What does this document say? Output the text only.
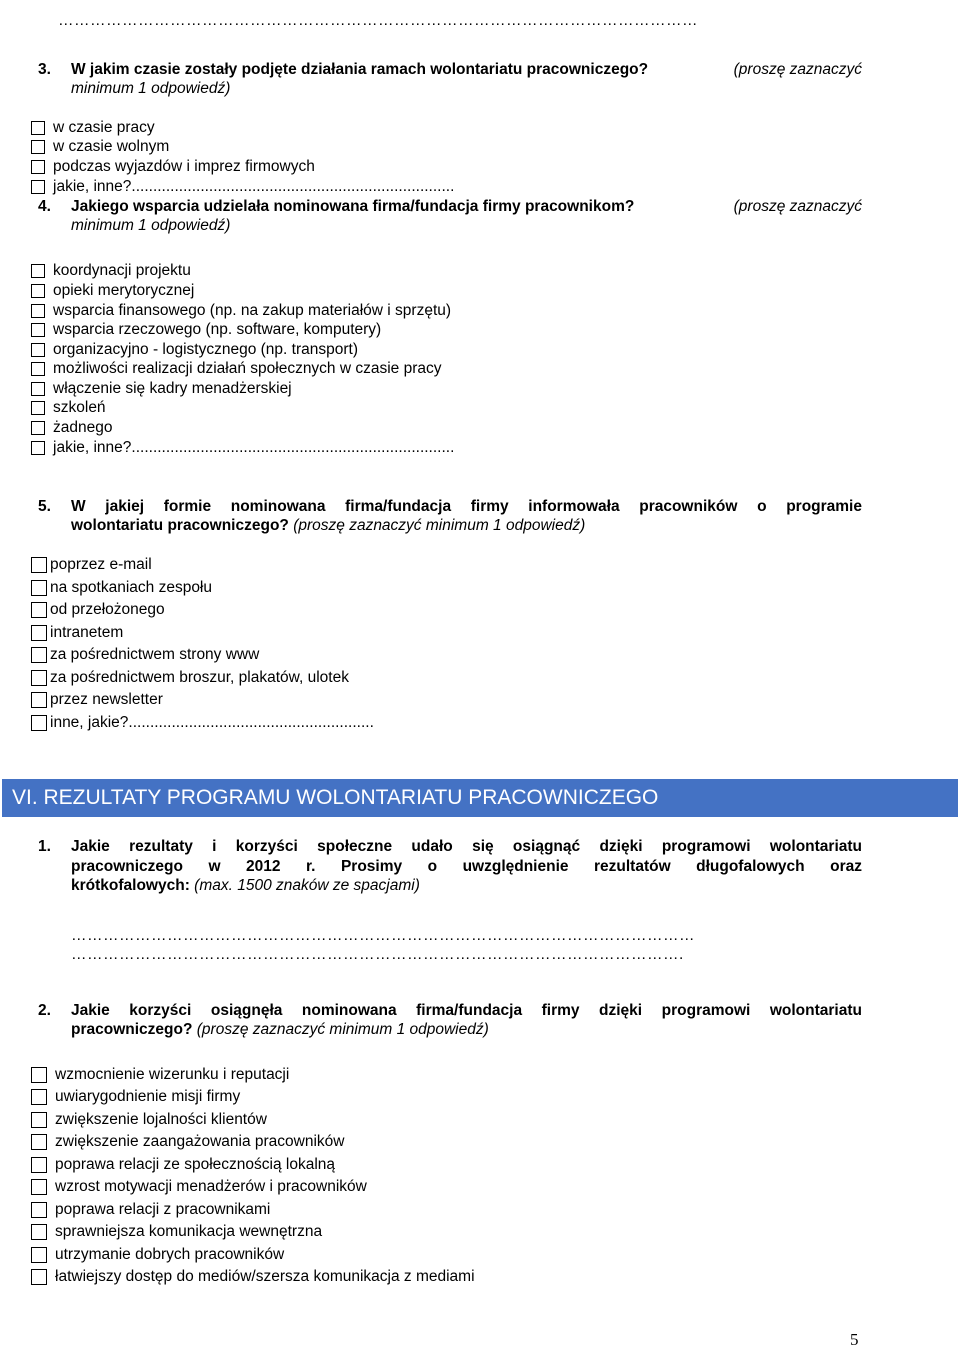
…………………………………………………………………………………………………………
3. W jakim czasie zostały podjęte działania ramach wolontariatu pracowniczego?	(proszę zaznaczyć
minimum 1 odpowiedź)
w czasie pracy
w czasie wolnym
podczas wyjazdów i imprez firmowych
jakie, inne?...........................................................................
4. Jakiego wsparcia udzielała nominowana firma/fundacja firmy pracownikom?	(proszę zaznaczyć
minimum 1 odpowiedź)
koordynacji projektu
opieki merytorycznej
wsparcia finansowego (np. na zakup materiałów i sprzętu)
wsparcia rzeczowego (np. software, komputery)
organizacyjno - logistycznego (np. transport)
możliwości realizacji działań społecznych w czasie pracy
włączenie się kadry menadżerskiej
szkoleń
żadnego
jakie, inne?...........................................................................
5. W jakiej formie nominowana firma/fundacja firmy informowała pracowników o programie
wolontariatu pracowniczego? (proszę zaznaczyć minimum 1 odpowiedź)
poprzez e-mail
na spotkaniach zespołu
od przełożonego
intranetem
za pośrednictwem strony www
za pośrednictwem broszur, plakatów, ulotek
przez newsletter
inne, jakie?.........................................................
VI. REZULTATY PROGRAMU WOLONTARIATU PRACOWNICZEGO
1. Jakie rezultaty i korzyści społeczne udało się osiągnąć dzięki programowi wolontariatu
pracowniczego w 2012 r. Prosimy o uwzględnienie rezultatów długofalowych oraz
krótkofalowych: (max. 1500 znaków ze spacjami)
………………………………………………………………………………………………………
…………………………………………………………………………………………………….
2. Jakie korzyści osiągnęła nominowana firma/fundacja firmy dzięki programowi wolontariatu
pracowniczego? (proszę zaznaczyć minimum 1 odpowiedź)
wzmocnienie wizerunku i reputacji
uwiarygodnienie misji firmy
zwiększenie lojalności klientów
zwiększenie zaangażowania pracowników
poprawa relacji ze społecznością lokalną
wzrost motywacji menadżerów i pracowników
poprawa relacji z pracownikami
sprawniejsza komunikacja wewnętrzna
utrzymanie dobrych pracowników
łatwiejszy dostęp do mediów/szersza komunikacja z mediami
5
